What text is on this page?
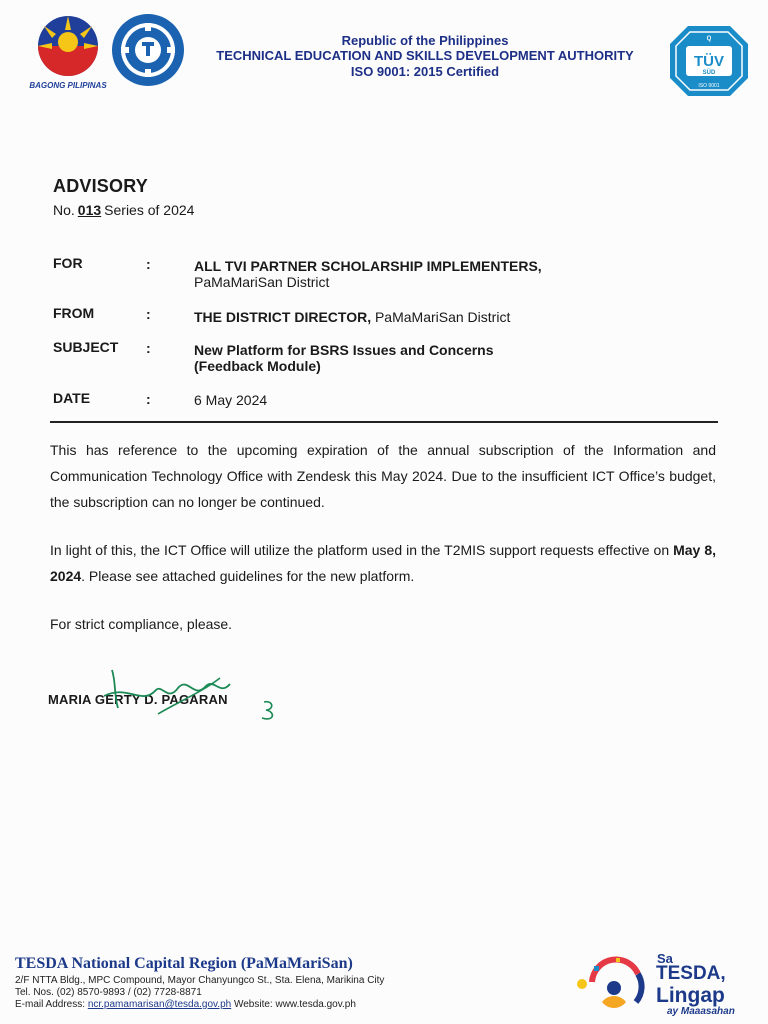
BAGONG PILIPINAS
Republic of the Philippines
TECHNICAL EDUCATION AND SKILLS DEVELOPMENT AUTHORITY
ISO 9001: 2015 Certified
TÜV
SÜD
ISO 9001
Q
ADVISORY
No. 013 Series of 2024
FOR	:	ALL TVI PARTNER SCHOLARSHIP IMPLEMENTERS,
PaMaMariSan District
FROM	:	THE DISTRICT DIRECTOR, PaMaMariSan District
SUBJECT :	New Platform for BSRS Issues and Concerns
(Feedback Module)
DATE	:	6 May 2024
This has reference to the upcoming expiration of the annual subscription of the Information and Communication Technology Office with Zendesk this May 2024. Due to the insufficient ICT Office’s budget, the subscription can no longer be continued.
In light of this, the ICT Office will utilize the platform used in the T2MIS support requests effective on May 8, 2024. Please see attached guidelines for the new platform.
For strict compliance, please.
MARIA GERTY D. PAGARAN
TESDA National Capital Region (PaMaMariSan)
2/F NTTA Bldg., MPC Compound, Mayor Chanyungco St., Sta. Elena, Marikina City
Tel. Nos. (02) 8570-9893 / (02) 7728-8871
E-mail Address: ncr.pamamarisan@tesda.gov.ph Website: www.tesda.gov.ph
Sa
TESDA,
Lingap
ay Maaasahan
